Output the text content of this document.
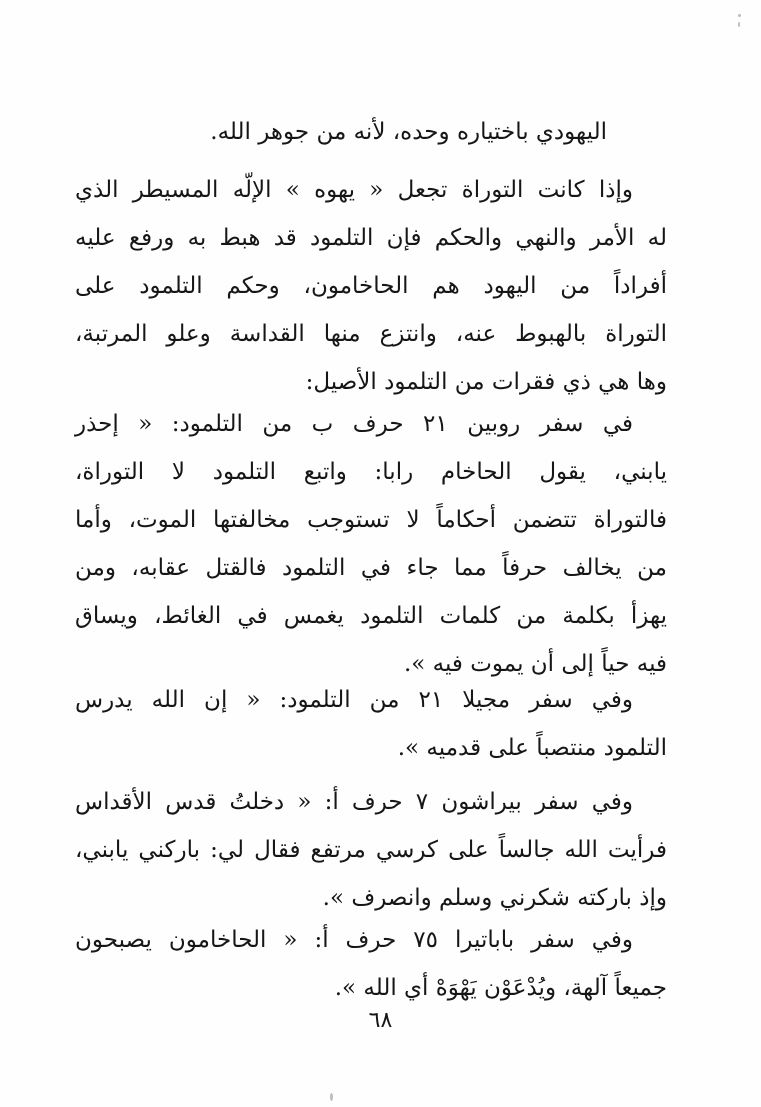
اليهودي باختياره وحده، لأنه من جوهر الله.
وإذا كانت التوراة تجعل « يهوه » الإلّه المسيطر الذي
له الأمر والنهي والحكم فإن التلمود قد هبط به ورفع عليه
أفراداً من اليهود هم الحاخامون، وحكم التلمود على
التوراة بالهبوط عنه، وانتزع منها القداسة وعلو المرتبة،
وها هي ذي فقرات من التلمود الأصيل:
في سفر روبين ٢١ حرف ب من التلمود: « إحذر
يابني، يقول الحاخام رابا: واتبع التلمود لا التوراة،
فالتوراة تتضمن أحكاماً لا تستوجب مخالفتها الموت، وأما
من يخالف حرفاً مما جاء في التلمود فالقتل عقابه، ومن
يهزأ بكلمة من كلمات التلمود يغمس في الغائط، ويساق
فيه حياً إلى أن يموت فيه ».
وفي سفر مجيلا ٢١ من التلمود: « إن الله يدرس
التلمود منتصباً على قدميه ».
وفي سفر بيراشون ٧ حرف أ: « دخلتُ قدس الأقداس
فرأيت الله جالساً على كرسي مرتفع فقال لي: باركني يابني،
وإذ باركته شكرني وسلم وانصرف ».
وفي سفر باباتيرا ٧٥ حرف أ: « الحاخامون يصبحون
جميعاً آلهة، ويُدْعَوْن يَهْوَهْ أي الله ».
٦٨
